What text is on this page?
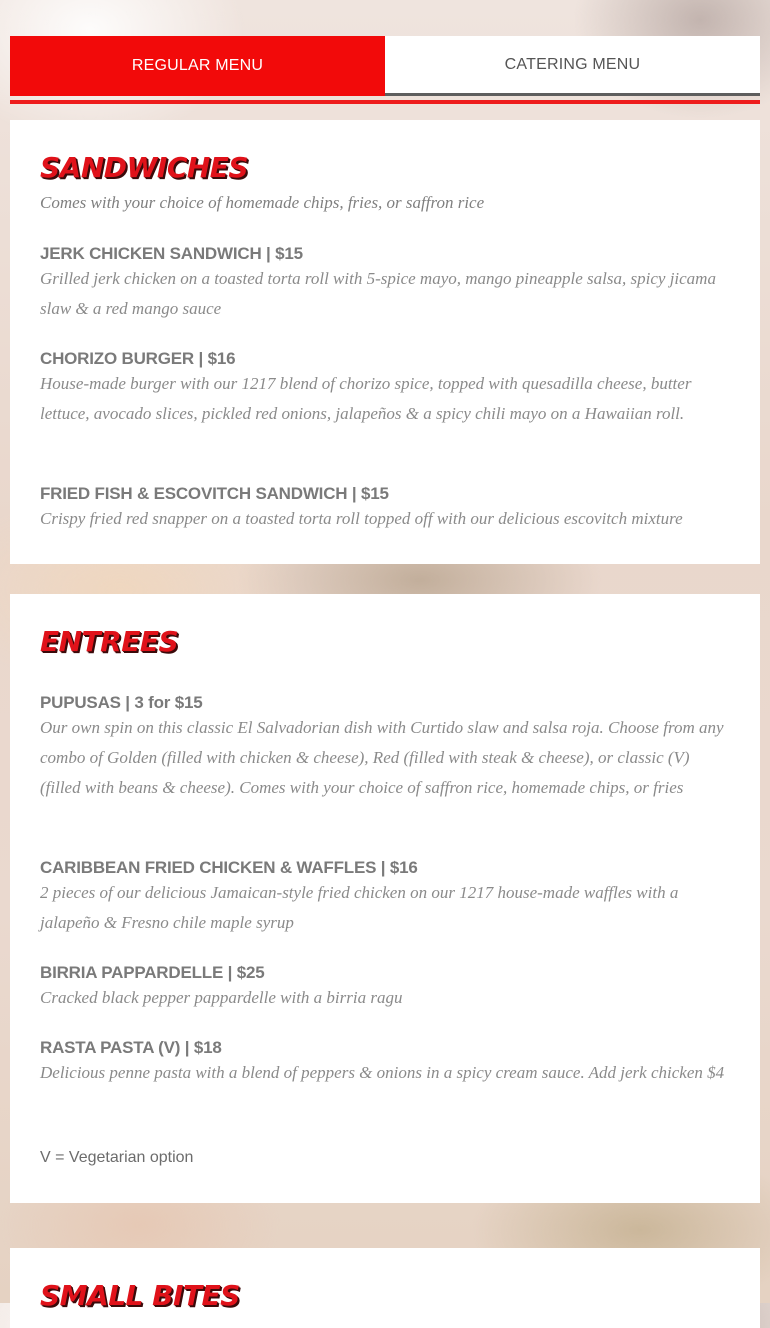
REGULAR MENU	CATERING MENU
SANDWICHES
Comes with your choice of homemade chips, fries, or saffron rice
JERK CHICKEN SANDWICH | $15
Grilled jerk chicken on a toasted torta roll with 5-spice mayo, mango pineapple salsa, spicy jicama slaw & a red mango sauce
CHORIZO BURGER | $16
House-made burger with our 1217 blend of chorizo spice, topped with quesadilla cheese, butter lettuce, avocado slices, pickled red onions, jalapeños & a spicy chili mayo on a Hawaiian roll.
FRIED FISH & ESCOVITCH SANDWICH | $15
Crispy fried red snapper on a toasted torta roll topped off with our delicious escovitch mixture
ENTREES
PUPUSAS | 3 for $15
Our own spin on this classic El Salvadorian dish with Curtido slaw and salsa roja. Choose from any combo of Golden (filled with chicken & cheese), Red (filled with steak & cheese), or classic (V) (filled with beans & cheese). Comes with your choice of saffron rice, homemade chips, or fries
CARIBBEAN FRIED CHICKEN & WAFFLES | $16
2 pieces of our delicious Jamaican-style fried chicken on our 1217 house-made waffles with a jalapeño & Fresno chile maple syrup
BIRRIA PAPPARDELLE | $25
Cracked black pepper pappardelle with a birria ragu
RASTA PASTA (V) | $18
Delicious penne pasta with a blend of peppers & onions in a spicy cream sauce. Add jerk chicken $4
V = Vegetarian option
SMALL BITES
